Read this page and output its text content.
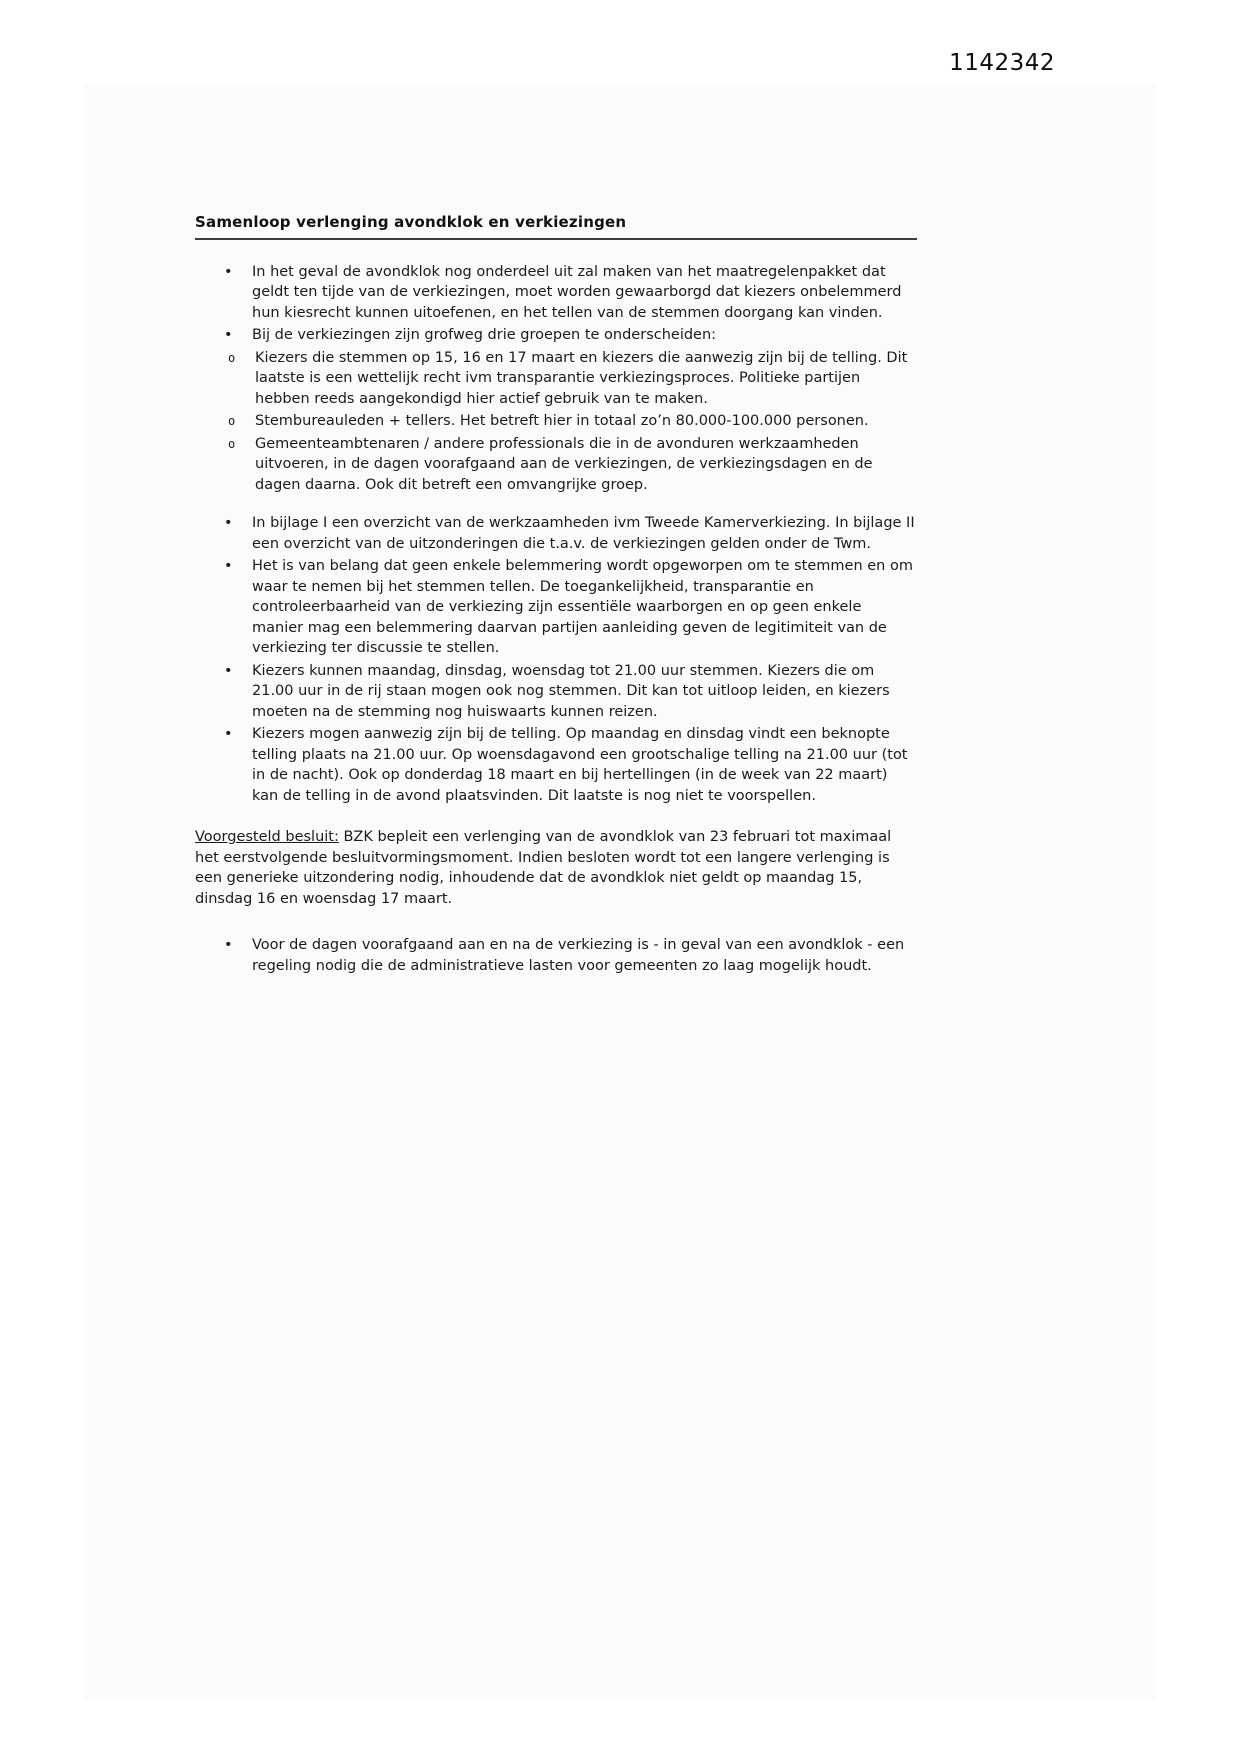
1142342
Samenloop verlenging avondklok en verkiezingen
•	In het geval de avondklok nog onderdeel uit zal maken van het maatregelenpakket dat geldt ten tijde van de verkiezingen, moet worden gewaarborgd dat kiezers onbelemmerd hun kiesrecht kunnen uitoefenen, en het tellen van de stemmen doorgang kan vinden.
•	Bij de verkiezingen zijn grofweg drie groepen te onderscheiden:
o	Kiezers die stemmen op 15, 16 en 17 maart en kiezers die aanwezig zijn bij de telling. Dit laatste is een wettelijk recht ivm transparantie verkiezingsproces. Politieke partijen hebben reeds aangekondigd hier actief gebruik van te maken.
o	Stembureauleden + tellers. Het betreft hier in totaal zo’n 80.000-100.000 personen.
o	Gemeenteambtenaren / andere professionals die in de avonduren werkzaamheden uitvoeren, in de dagen voorafgaand aan de verkiezingen, de verkiezingsdagen en de dagen daarna. Ook dit betreft een omvangrijke groep.
•	In bijlage I een overzicht van de werkzaamheden ivm Tweede Kamerverkiezing. In bijlage II een overzicht van de uitzonderingen die t.a.v. de verkiezingen gelden onder de Twm.
•	Het is van belang dat geen enkele belemmering wordt opgeworpen om te stemmen en om waar te nemen bij het stemmen tellen. De toegankelijkheid, transparantie en controleerbaarheid van de verkiezing zijn essentiële waarborgen en op geen enkele manier mag een belemmering daarvan partijen aanleiding geven de legitimiteit van de verkiezing ter discussie te stellen.
•	Kiezers kunnen maandag, dinsdag, woensdag tot 21.00 uur stemmen. Kiezers die om 21.00 uur in de rij staan mogen ook nog stemmen. Dit kan tot uitloop leiden, en kiezers moeten na de stemming nog huiswaarts kunnen reizen.
•	Kiezers mogen aanwezig zijn bij de telling. Op maandag en dinsdag vindt een beknopte telling plaats na 21.00 uur. Op woensdagavond een grootschalige telling na 21.00 uur (tot in de nacht). Ook op donderdag 18 maart en bij hertellingen (in de week van 22 maart) kan de telling in de avond plaatsvinden. Dit laatste is nog niet te voorspellen.
Voorgesteld besluit: BZK bepleit een verlenging van de avondklok van 23 februari tot maximaal het eerstvolgende besluitvormingsmoment. Indien besloten wordt tot een langere verlenging is een generieke uitzondering nodig, inhoudende dat de avondklok niet geldt op maandag 15, dinsdag 16 en woensdag 17 maart.
•	Voor de dagen voorafgaand aan en na de verkiezing is - in geval van een avondklok - een regeling nodig die de administratieve lasten voor gemeenten zo laag mogelijk houdt.
